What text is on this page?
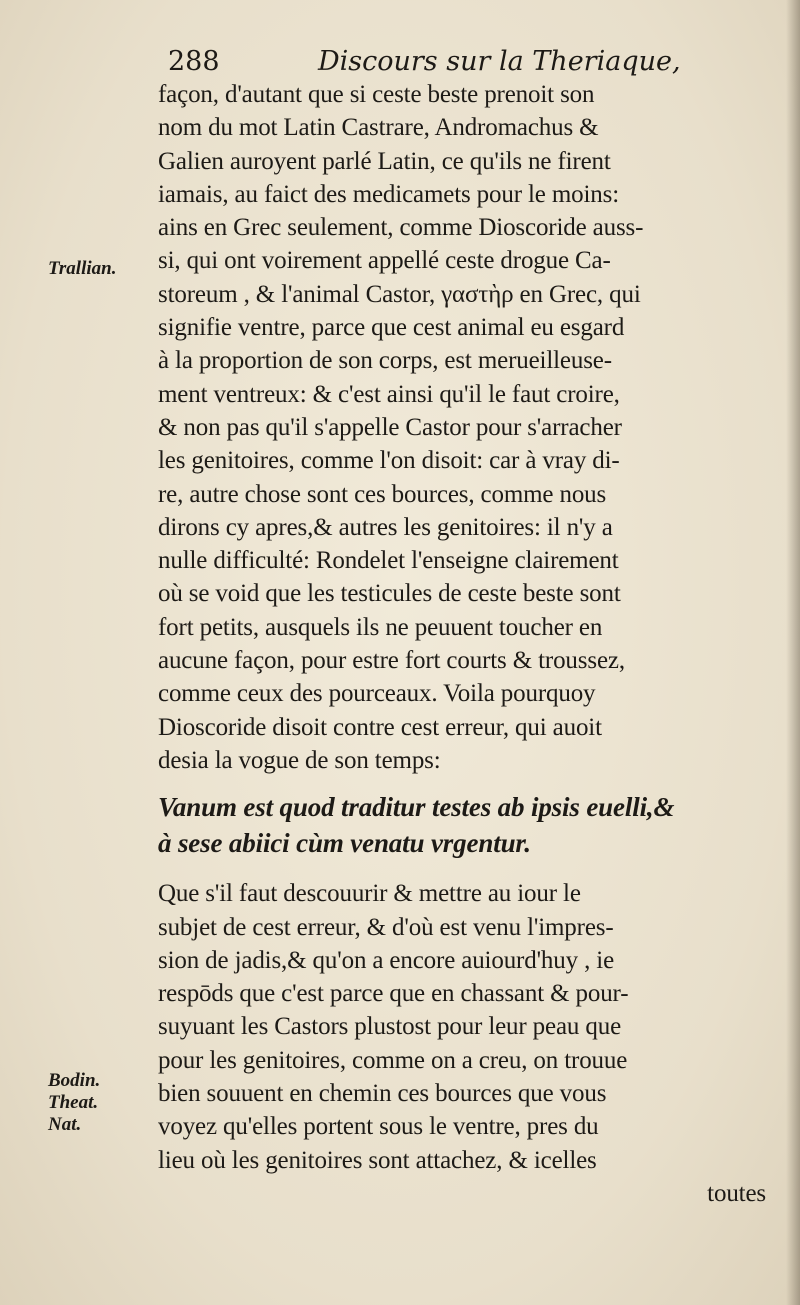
288	Discours sur la Theriaque,
Trallian.
Bodin.
Theat.
Nat.
façon, d'autant que si ceste beste prenoit son
nom du mot Latin Castrare, Andromachus &
Galien auroyent parlé Latin, ce qu'ils ne firent
iamais, au faict des medicamets pour le moins:
ains en Grec seulement, comme Dioscoride auss-
si, qui ont voirement appellé ceste drogue Ca-
storeum , & l'animal Castor, γαστὴρ en Grec, qui
signifie ventre, parce que cest animal eu esgard
à la proportion de son corps, est merueilleuse-
ment ventreux: & c'est ainsi qu'il le faut croire,
& non pas qu'il s'appelle Castor pour s'arracher
les genitoires, comme l'on disoit: car à vray di-
re, autre chose sont ces bources, comme nous
dirons cy apres,& autres les genitoires: il n'y a
nulle difficulté: Rondelet l'enseigne clairement
où se void que les testicules de ceste beste sont
fort petits, ausquels ils ne peuuent toucher en
aucune façon, pour estre fort courts & troussez,
comme ceux des pourceaux. Voila pourquoy
Dioscoride disoit contre cest erreur, qui auoit
desia la vogue de son temps:
Vanum est quod traditur testes ab ipsis euelli,&
à sese abiici cùm venatu vrgentur.
Que s'il faut descouurir & mettre au iour le
subjet de cest erreur, & d'où est venu l'impres-
sion de jadis,& qu'on a encore auiourd'huy , ie
respōds que c'est parce que en chassant & pour-
suyuant les Castors plustost pour leur peau que
pour les genitoires, comme on a creu, on trouue
bien souuent en chemin ces bources que vous
voyez qu'elles portent sous le ventre, pres du
lieu où les genitoires sont attachez, & icelles
toutes
